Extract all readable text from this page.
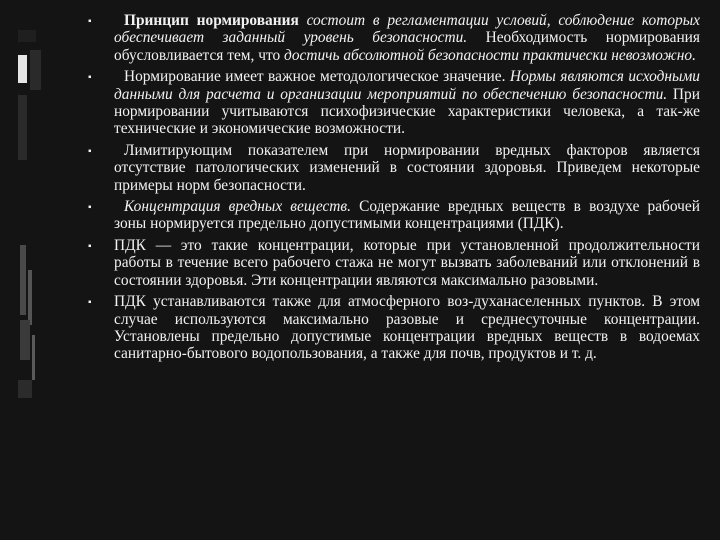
▪ Принцип нормирования состоит в регламентации условий, соблюдение которых обеспечивает заданный уровень безопасности. Необходимость нормирования обусловливается тем, что достичь абсолютной безопасности практически невозможно.
▪ Нормирование имеет важное методологическое значение. Нормы являются исходными данными для расчета и организации мероприятий по обеспечению безопасности. При нормировании учитываются психофизические характеристики человека, а так-же технические и экономические возможности.
▪ Лимитирующим показателем при нормировании вредных факторов является отсутствие патологических изменений в состоянии здоровья. Приведем некоторые примеры норм безопасности.
▪ Концентрация вредных веществ. Содержание вредных веществ в воздухе рабочей зоны нормируется предельно допустимыми концентрациями (ПДК).
▪ ПДК — это такие концентрации, которые при установленной продолжительности работы в течение всего рабочего стажа не могут вызвать заболеваний или отклонений в состоянии здоровья. Эти концентрации являются максимально разовыми.
▪ ПДК устанавливаются также для атмосферного воз-духанаселенных пунктов. В этом случае используются максимально разовые и среднесуточные концентрации. Установлены предельно допустимые концентрации вредных веществ в водоемах санитарно-бытового водопользования, а также для почв, продуктов и т. д.
